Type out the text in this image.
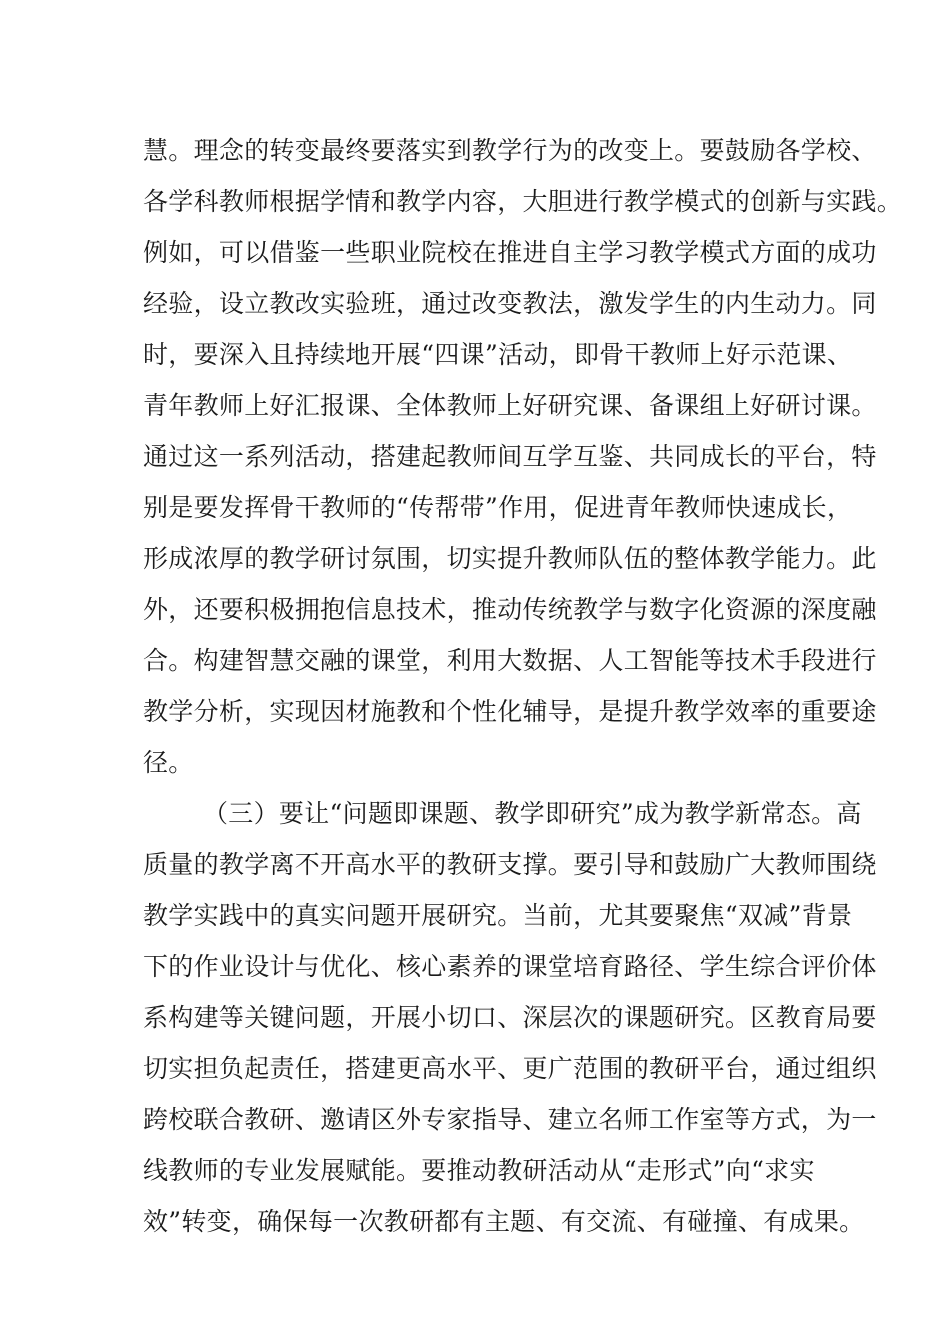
慧。理念的转变最终要落实到教学行为的改变上。要鼓励各学校、
各学科教师根据学情和教学内容，大胆进行教学模式的创新与实践。
例如，可以借鉴一些职业院校在推进自主学习教学模式方面的成功
经验，设立教改实验班，通过改变教法，激发学生的内生动力。同
时，要深入且持续地开展“四课”活动，即骨干教师上好示范课、
青年教师上好汇报课、全体教师上好研究课、备课组上好研讨课。
通过这一系列活动，搭建起教师间互学互鉴、共同成长的平台，特
别是要发挥骨干教师的“传帮带”作用，促进青年教师快速成长，
形成浓厚的教学研讨氛围，切实提升教师队伍的整体教学能力。此
外，还要积极拥抱信息技术，推动传统教学与数字化资源的深度融
合。构建智慧交融的课堂，利用大数据、人工智能等技术手段进行
教学分析，实现因材施教和个性化辅导，是提升教学效率的重要途
径。
（三）要让“问题即课题、教学即研究”成为教学新常态。高
质量的教学离不开高水平的教研支撑。要引导和鼓励广大教师围绕
教学实践中的真实问题开展研究。当前，尤其要聚焦“双减”背景
下的作业设计与优化、核心素养的课堂培育路径、学生综合评价体
系构建等关键问题，开展小切口、深层次的课题研究。区教育局要
切实担负起责任，搭建更高水平、更广范围的教研平台，通过组织
跨校联合教研、邀请区外专家指导、建立名师工作室等方式，为一
线教师的专业发展赋能。要推动教研活动从“走形式”向“求实
效”转变，确保每一次教研都有主题、有交流、有碰撞、有成果。
